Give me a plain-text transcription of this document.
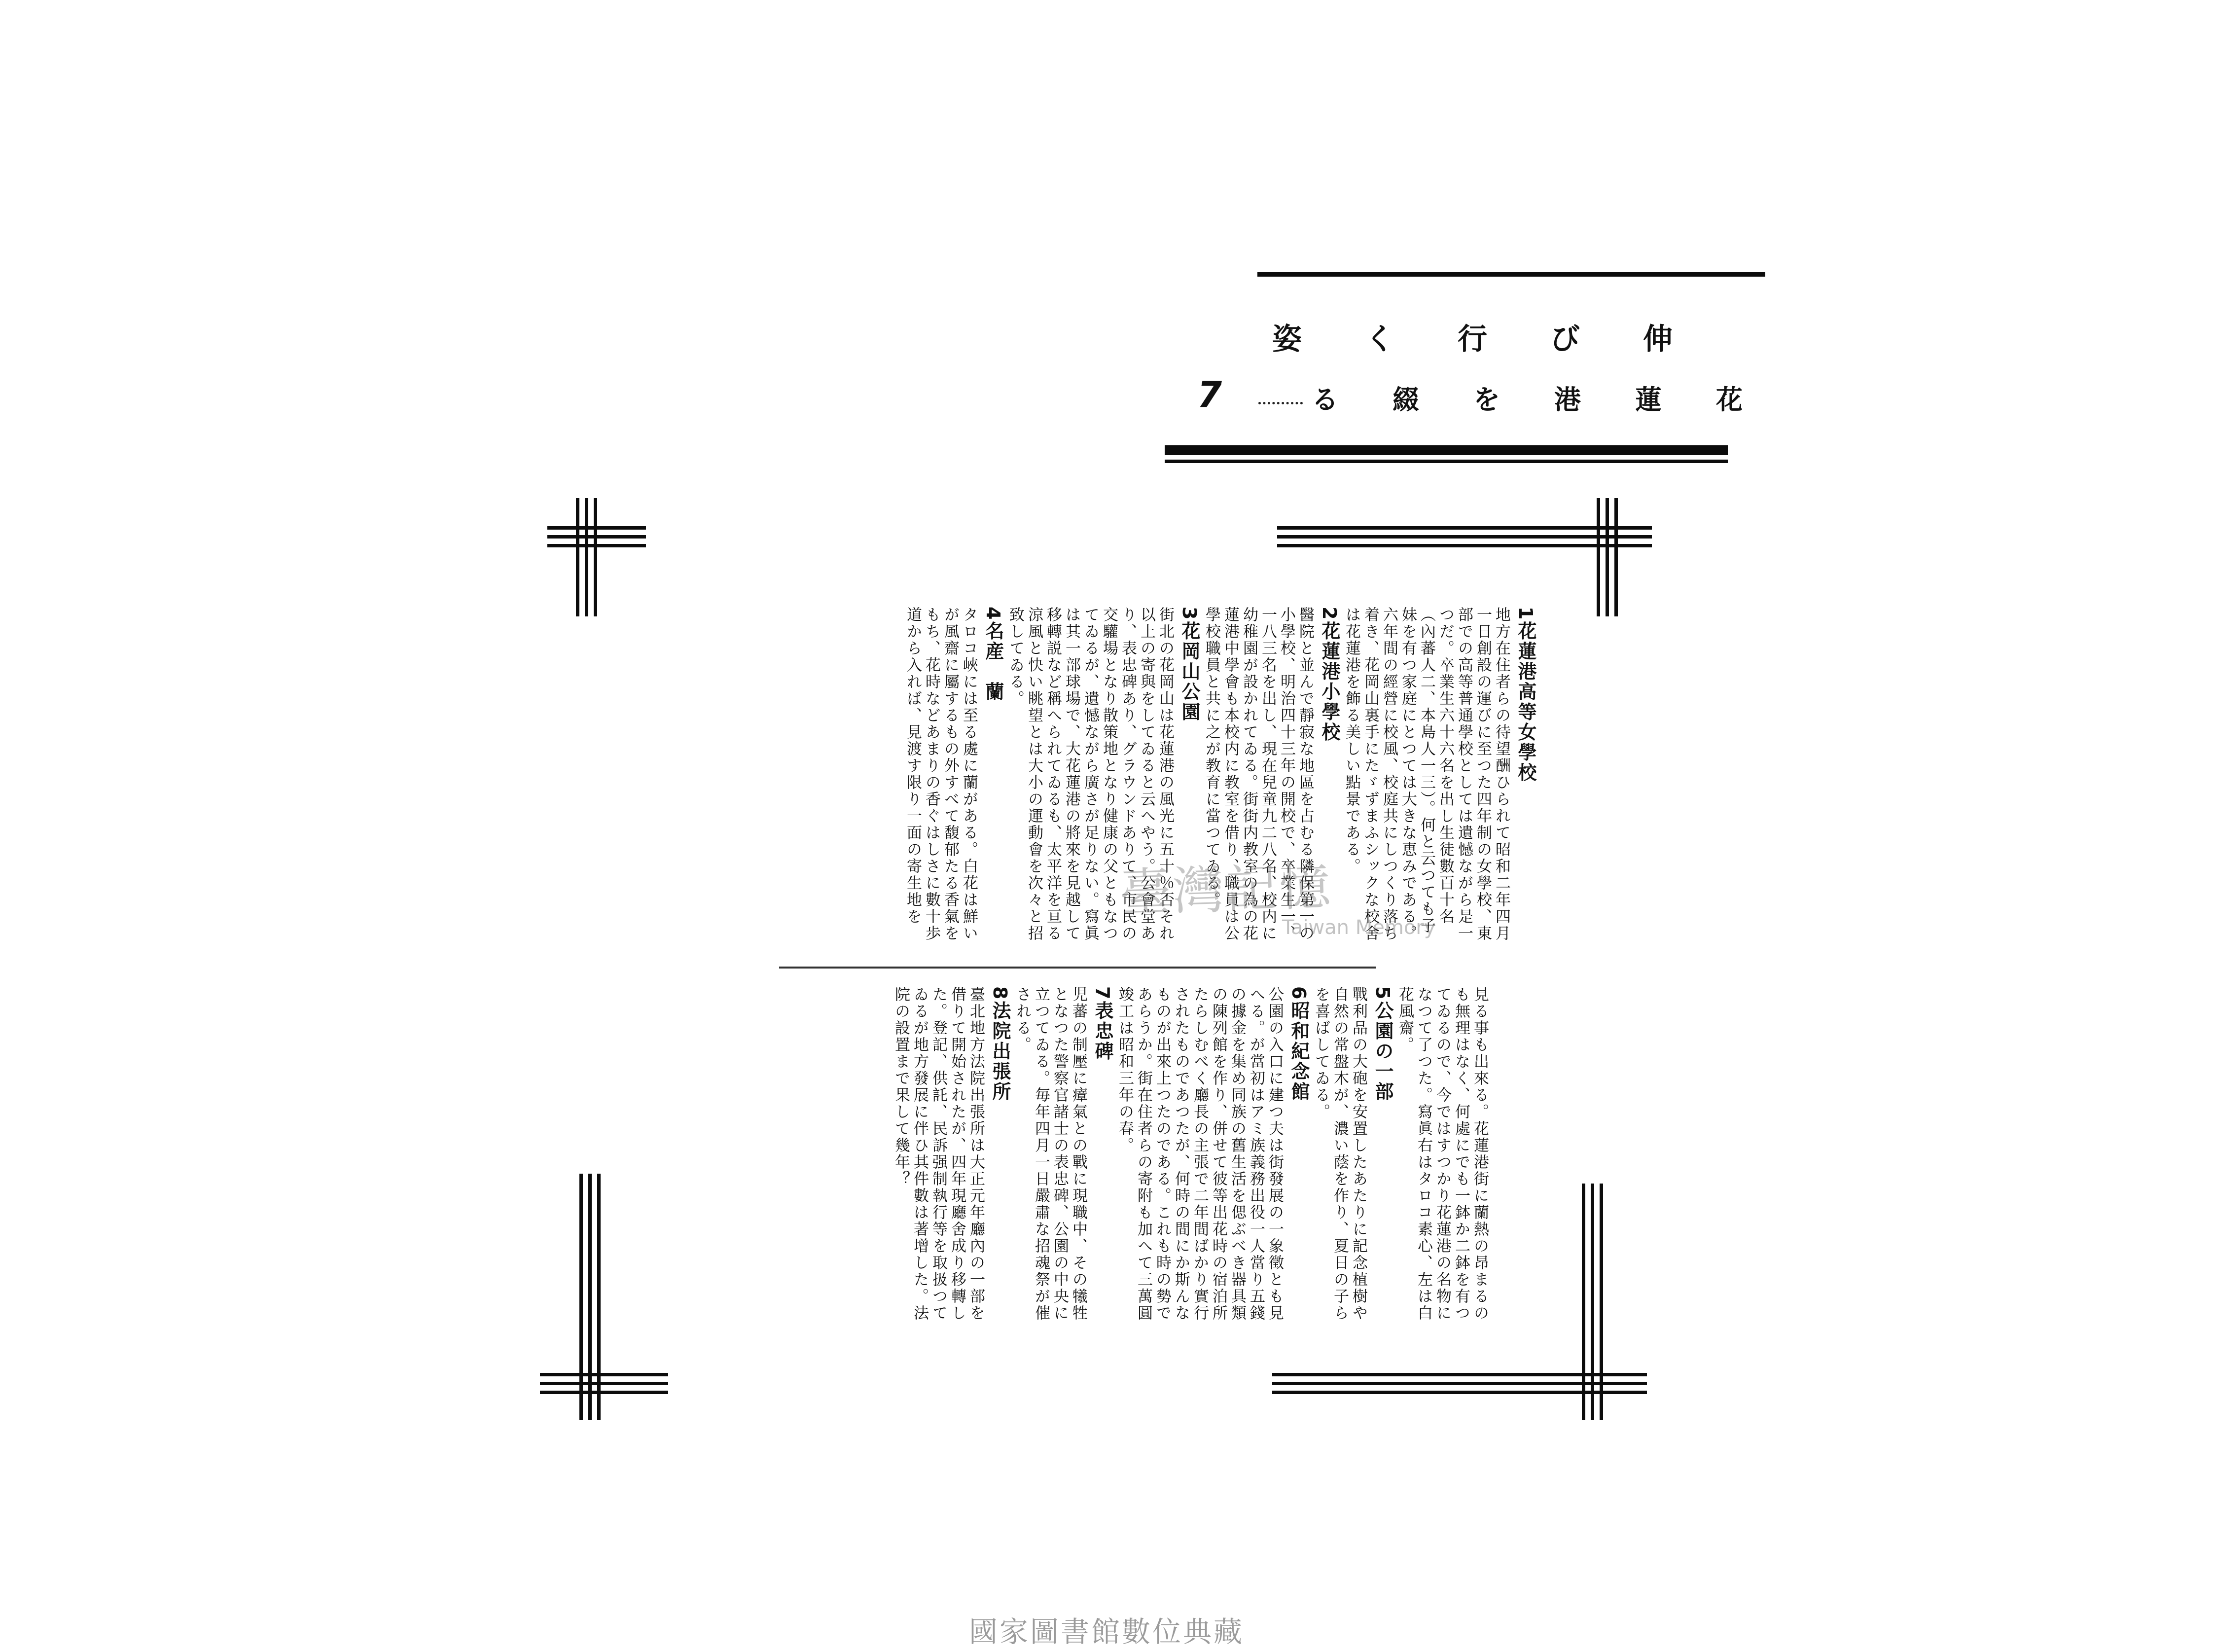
伸び行く姿
花蓮港を綴る
7
1花蓮港高等女學校
地方在住者らの待望酬ひられて昭和二年四月一日創設の運びに至つた四年制の女學校、東部での高等普通學校としては遺憾ながら是一つだ。卒業生六十六名を出し生徒數百十名（內蕃人二、本島人一三）。何と云つても子妹を有つ家庭にとつては大きな恵みである。六年間の經營に校風、校庭共にしつくり落ち着き、花岡山裏手にたゞずまふシックな校舍は花蓮港を飾る美しい點景である。
2花蓮港小學校
醫院と並んで靜寂な地區を占むる隣保第一の小學校、明治四十三年の開校で、卒業生一、一八三名を出し、現在兒童九二八名、校内に幼稚園が設かれてゐる。街街内教室の為の花蓮港中學會も本校内に教室を借り、職員は公學校職員と共に之が教育に當つてゐる。
3花岡山公園
街北の花岡山は花蓮港の風光に五十％否それ以上の寄與をしてゐると云へやう。公會堂あり、表忠碑あり、グラウンドありて、市民の交驩場となり散策地となり健康の父ともなつてゐるが、遺憾ながら廣さが足りない。寫眞は其一部球場で、大花蓮港の將來を見越して移轉説など稱へられてゐるも、太平洋を亘る涼風と快い眺望とは大小の運動會を次々と招致してゐる。
4名産　蘭
タロコ峽には至る處に蘭がある。白花は鮮いが風齋に屬するもの外すべて馥郁たる香氣をもち、花時などあまりの香ぐはしさに數十歩道から入れば、見渡す限り一面の寄生地を
見る事も出來る。花蓮港街に蘭熱の昂まるのも無理はなく、何處にでも一鉢か二鉢を有つてゐるので、今ではすつかり花蓮港の名物になつて了つた。寫眞右はタロコ素心、左は白花風齋。
5公園の一部
戰利品の大砲を安置したあたりに記念植樹や自然の常盤木が、濃い蔭を作り、夏日の子らを喜ばしてゐる。
6昭和紀念館
公園の入口に建つ夫は街發展の一象徵とも見へる。が當初はアミ族義務出役一人當り五錢の據金を集め同族の舊生活を偲ぶべき器具類の陳列館を作り、併せて彼等出花時の宿泊所たらしむべく廳長の主張で二年間ばかり實行されたものであつたが、何時の間にか斯んなものが出來上つたのである。これも時の勢であらうか。街在住者らの寄附も加へて三萬圓竣工は昭和三年の春。
7表忠碑
児蕃の制壓に瘴氣との戰に現職中、その犧牲となつた警察官諸士の表忠碑、公園の中央に立つてゐる。毎年四月一日嚴肅な招魂祭が催される。
8法院出張所
臺北地方法院出張所は大正元年廳內の一部を借りて開始されたが、四年現廳舍成り移轉した。登記、供託、民訴强制執行等を取扱つてゐるが地方發展に伴ひ其件數は著增した。法院の設置まで果して幾年？
臺灣記憶
Taiwan Memory
國家圖書館數位典藏
